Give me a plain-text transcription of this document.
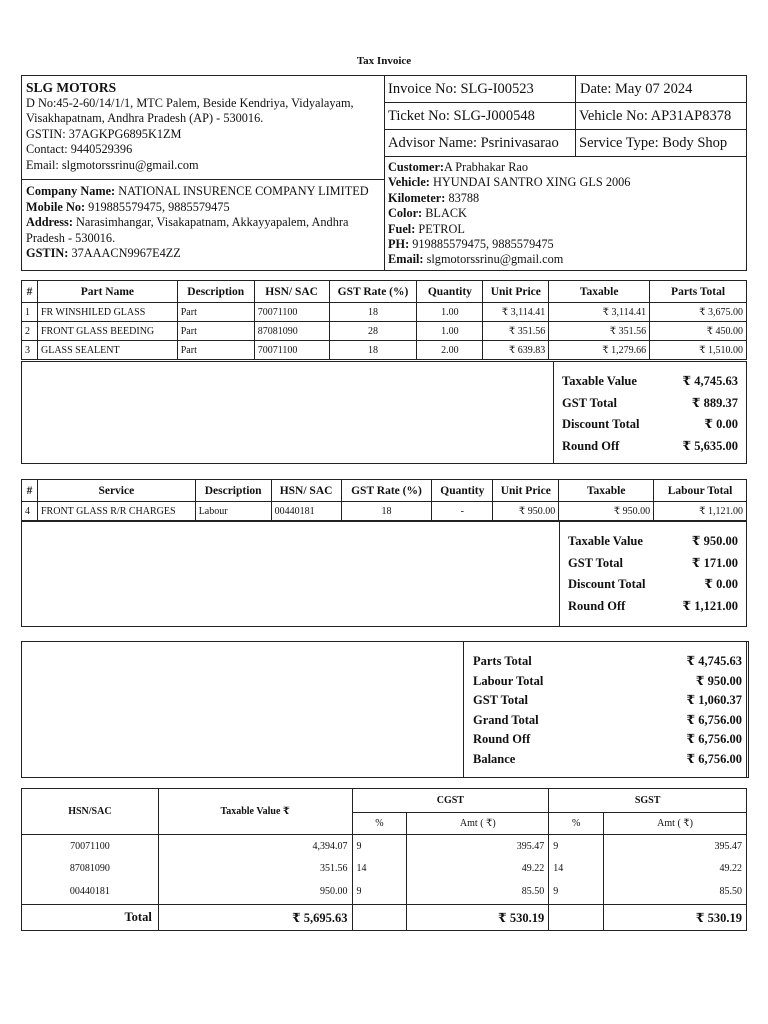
Tax Invoice
SLG MOTORS
D No:45-2-60/14/1/1, MTC Palem, Beside Kendriya, Vidyalayam, Visakhapatnam, Andhra Pradesh (AP) - 530016.
GSTIN: 37AGKPG6895K1ZM
Contact: 9440529396
Email: slgmotorssrinu@gmail.com
Company Name: NATIONAL INSURENCE COMPANY LIMITED
Mobile No: 919885579475, 9885579475
Address: Narasimhangar, Visakapatnam, Akkayyapalem, Andhra Pradesh - 530016.
GSTIN: 37AAACN9967E4ZZ
Invoice No: SLG-I00523	Date: May 07 2024
Ticket No: SLG-J000548	Vehicle No: AP31AP8378
Advisor Name: Psrinivasarao	Service Type: Body Shop
Customer:A Prabhakar Rao
Vehicle: HYUNDAI SANTRO XING GLS 2006
Kilometer: 83788
Color: BLACK
Fuel: PETROL
PH: 919885579475, 9885579475
Email: slgmotorssrinu@gmail.com
#	Part Name	Description	HSN/ SAC	GST Rate (%)	Quantity	Unit Price	Taxable	Parts Total
1	FR WINSHILED GLASS	Part	70071100	18	1.00	₹ 3,114.41	₹ 3,114.41	₹ 3,675.00
2	FRONT GLASS BEEDING	Part	87081090	28	1.00	₹ 351.56	₹ 351.56	₹ 450.00
3	GLASS SEALENT	Part	70071100	18	2.00	₹ 639.83	₹ 1,279.66	₹ 1,510.00
Taxable Value	₹ 4,745.63
GST Total	₹ 889.37
Discount Total	₹ 0.00
Round Off	₹ 5,635.00
#	Service	Description	HSN/ SAC	GST Rate (%)	Quantity	Unit Price	Taxable	Labour Total
4	FRONT GLASS R/R CHARGES	Labour	00440181	18	-	₹ 950.00	₹ 950.00	₹ 1,121.00
Taxable Value	₹ 950.00
GST Total	₹ 171.00
Discount Total	₹ 0.00
Round Off	₹ 1,121.00
Parts Total	₹ 4,745.63
Labour Total	₹ 950.00
GST Total	₹ 1,060.37
Grand Total	₹ 6,756.00
Round Off	₹ 6,756.00
Balance	₹ 6,756.00
HSN/SAC	Taxable Value ₹	CGST		SGST	
		%	Amt ( ₹)	%	Amt ( ₹)
70071100	4,394.07	9	395.47	9	395.47
87081090	351.56	14	49.22	14	49.22
00440181	950.00	9	85.50	9	85.50
Total	₹ 5,695.63		₹ 530.19		₹ 530.19
